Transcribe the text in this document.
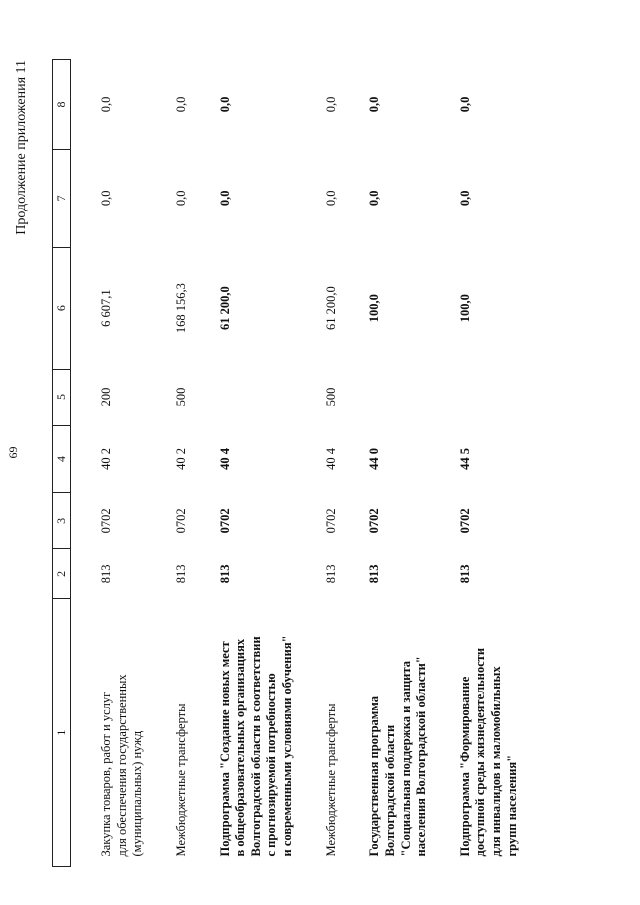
69
Продолжение приложения 11
1	2	3	4	5	6	7	8

Закупка товаров, работ и услуг для обеспечения государственных (муниципальных) нужд	813	0702	40 2	200	6 607,1	0,0	0,0

Межбюджетные трансферты	813	0702	40 2	500	168 156,3	0,0	0,0

Подпрограмма "Создание новых мест в общеобразовательных организациях Волгоградской области в соответствии с прогнозируемой потребностью и современными условиями обучения"	813	0702	40 4		61 200,0	0,0	0,0

Межбюджетные трансферты	813	0702	40 4	500	61 200,0	0,0	0,0

Государственная программа Волгоградской области "Социальная поддержка и защита населения Волгоградской области"	813	0702	44 0		100,0	0,0	0,0

Подпрограмма "Формирование доступной среды жизнедеятельности для инвалидов и маломобильных групп населения"	813	0702	44 5		100,0	0,0	0,0
